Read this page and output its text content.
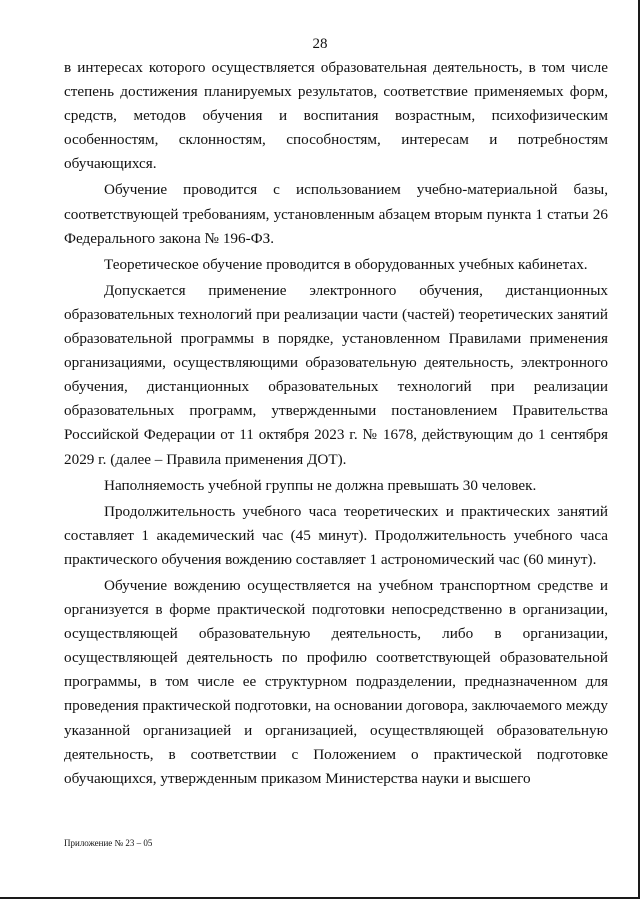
28

в интересах которого осуществляется образовательная деятельность, в том числе степень достижения планируемых результатов, соответствие применяемых форм, средств, методов обучения и воспитания возрастным, психофизическим особенностям, склонностям, способностям, интересам и потребностям обучающихся.

Обучение проводится с использованием учебно-материальной базы, соответствующей требованиям, установленным абзацем вторым пункта 1 статьи 26 Федерального закона № 196-ФЗ.

Теоретическое обучение проводится в оборудованных учебных кабинетах.

Допускается применение электронного обучения, дистанционных образовательных технологий при реализации части (частей) теоретических занятий образовательной программы в порядке, установленном Правилами применения организациями, осуществляющими образовательную деятельность, электронного обучения, дистанционных образовательных технологий при реализации образовательных программ, утвержденными постановлением Правительства Российской Федерации от 11 октября 2023 г. № 1678, действующим до 1 сентября 2029 г. (далее – Правила применения ДОТ).

Наполняемость учебной группы не должна превышать 30 человек.

Продолжительность учебного часа теоретических и практических занятий составляет 1 академический час (45 минут). Продолжительность учебного часа практического обучения вождению составляет 1 астрономический час (60 минут).

Обучение вождению осуществляется на учебном транспортном средстве и организуется в форме практической подготовки непосредственно в организации, осуществляющей образовательную деятельность, либо в организации, осуществляющей деятельность по профилю соответствующей образовательной программы, в том числе ее структурном подразделении, предназначенном для проведения практической подготовки, на основании договора, заключаемого между указанной организацией и организацией, осуществляющей образовательную деятельность, в соответствии с Положением о практической подготовке обучающихся, утвержденным приказом Министерства науки и высшего

Приложение № 23 – 05
